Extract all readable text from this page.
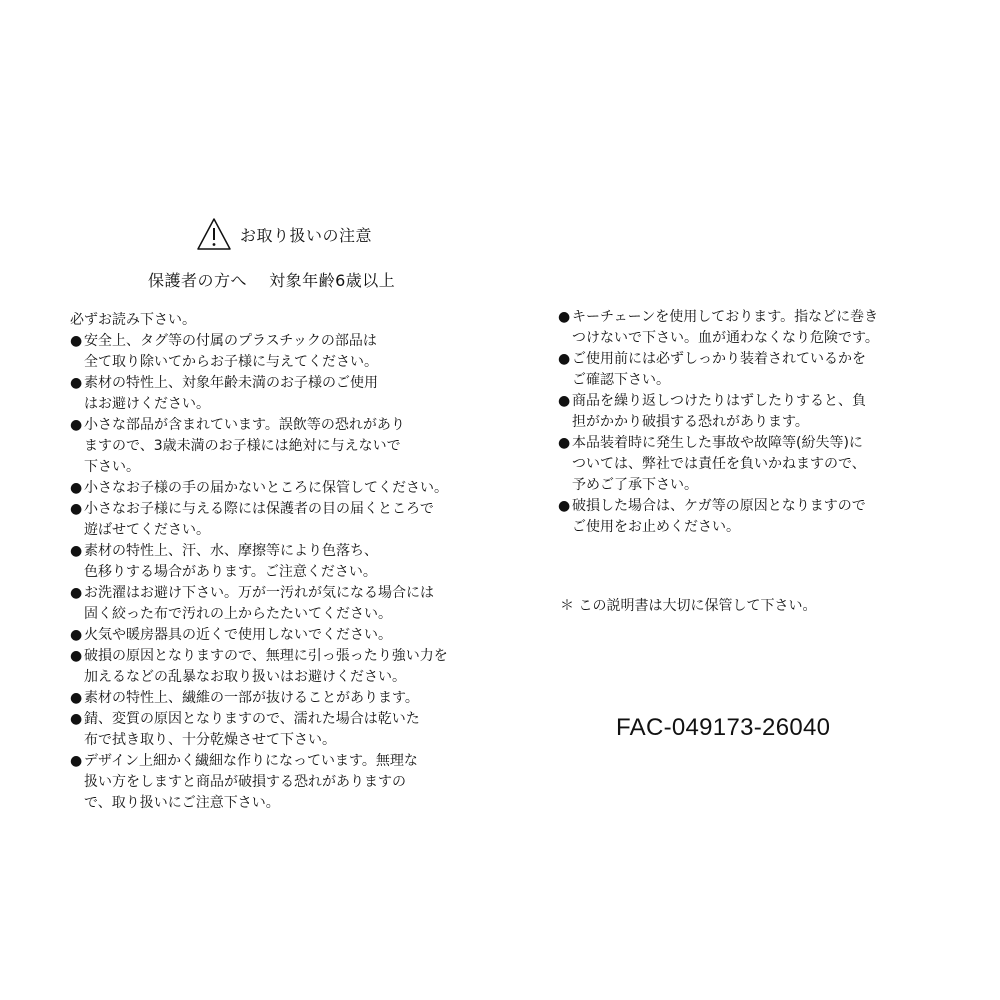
お取り扱いの注意
保護者の方へ　 対象年齢6歳以上
必ずお読み下さい。
● 安全上、タグ等の付属のプラスチックの部品は
全て取り除いてからお子様に与えてください。
● 素材の特性上、対象年齢未満のお子様のご使用
はお避けください。
● 小さな部品が含まれています。誤飲等の恐れがあり
ますので、3歳未満のお子様には絶対に与えないで
下さい。
● 小さなお子様の手の届かないところに保管してください。
● 小さなお子様に与える際には保護者の目の届くところで
遊ばせてください。
● 素材の特性上、汗、水、摩擦等により色落ち、
色移りする場合があります。ご注意ください。
● お洗濯はお避け下さい。万が一汚れが気になる場合には
固く絞った布で汚れの上からたたいてください。
● 火気や暖房器具の近くで使用しないでください。
● 破損の原因となりますので、無理に引っ張ったり強い力を
加えるなどの乱暴なお取り扱いはお避けください。
● 素材の特性上、繊維の一部が抜けることがあります。
● 錆、変質の原因となりますので、濡れた場合は乾いた
布で拭き取り、十分乾燥させて下さい。
● デザイン上細かく繊細な作りになっています。無理な
扱い方をしますと商品が破損する恐れがありますの
で、取り扱いにご注意下さい。
● キーチェーンを使用しております。指などに巻き
つけないで下さい。血が通わなくなり危険です。
● ご使用前には必ずしっかり装着されているかを
ご確認下さい。
● 商品を繰り返しつけたりはずしたりすると、負
担がかかり破損する恐れがあります。
● 本品装着時に発生した事故や故障等(紛失等)に
ついては、弊社では責任を負いかねますので、
予めご了承下さい。
● 破損した場合は、ケガ等の原因となりますので
ご使用をお止めください。
＊ この説明書は大切に保管して下さい。
FAC-049173-26040
